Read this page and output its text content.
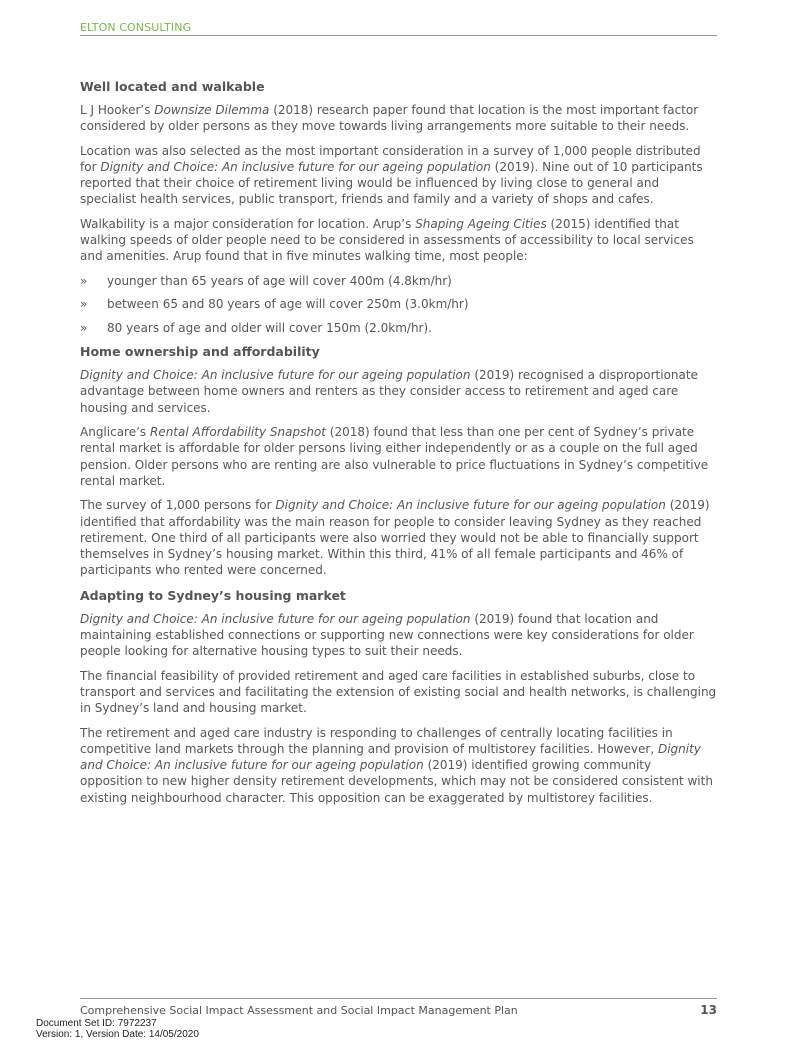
ELTON CONSULTING
Well located and walkable

L J Hooker’s Downsize Dilemma (2018) research paper found that location is the most important factor considered by older persons as they move towards living arrangements more suitable to their needs.

Location was also selected as the most important consideration in a survey of 1,000 people distributed for Dignity and Choice: An inclusive future for our ageing population (2019). Nine out of 10 participants reported that their choice of retirement living would be influenced by living close to general and specialist health services, public transport, friends and family and a variety of shops and cafes.

Walkability is a major consideration for location. Arup’s Shaping Ageing Cities (2015) identified that walking speeds of older people need to be considered in assessments of accessibility to local services and amenities. Arup found that in five minutes walking time, most people:

» younger than 65 years of age will cover 400m (4.8km/hr)
» between 65 and 80 years of age will cover 250m (3.0km/hr)
» 80 years of age and older will cover 150m (2.0km/hr).
Home ownership and affordability

Dignity and Choice: An inclusive future for our ageing population (2019) recognised a disproportionate advantage between home owners and renters as they consider access to retirement and aged care housing and services.

Anglicare’s Rental Affordability Snapshot (2018) found that less than one per cent of Sydney’s private rental market is affordable for older persons living either independently or as a couple on the full aged pension. Older persons who are renting are also vulnerable to price fluctuations in Sydney’s competitive rental market.

The survey of 1,000 persons for Dignity and Choice: An inclusive future for our ageing population (2019) identified that affordability was the main reason for people to consider leaving Sydney as they reached retirement. One third of all participants were also worried they would not be able to financially support themselves in Sydney’s housing market. Within this third, 41% of all female participants and 46% of participants who rented were concerned.

Adapting to Sydney’s housing market

Dignity and Choice: An inclusive future for our ageing population (2019) found that location and maintaining established connections or supporting new connections were key considerations for older people looking for alternative housing types to suit their needs.

The financial feasibility of provided retirement and aged care facilities in established suburbs, close to transport and services and facilitating the extension of existing social and health networks, is challenging in Sydney’s land and housing market.

The retirement and aged care industry is responding to challenges of centrally locating facilities in competitive land markets through the planning and provision of multistorey facilities. However, Dignity and Choice: An inclusive future for our ageing population (2019) identified growing community opposition to new higher density retirement developments, which may not be considered consistent with existing neighbourhood character. This opposition can be exaggerated by multistorey facilities.

Comprehensive Social Impact Assessment and Social Impact Management Plan	13
Document Set ID: 7972237
Version: 1, Version Date: 14/05/2020
